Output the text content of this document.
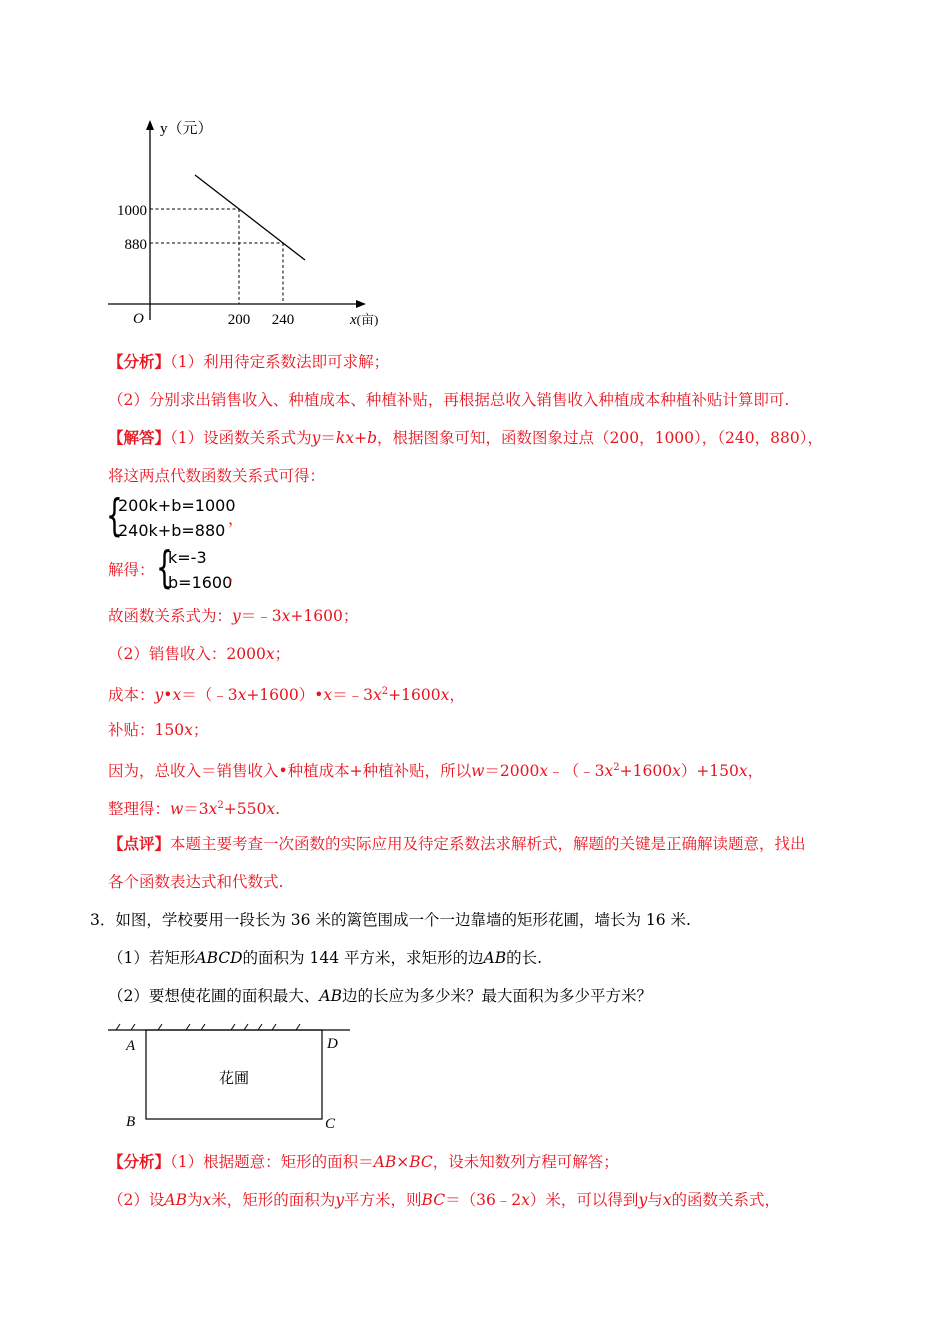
y（元）
1000
880
O	200 240	x(亩)
【分析】（1）利用待定系数法即可求解；
（2）分别求出销售收入、种植成本、种植补贴，再根据总收入销售收入种植成本种植补贴计算即可.
【解答】（1）设函数关系式为y＝kx+b，根据图象可知，函数图象过点（200，1000），（240，880），
将这两点代数函数关系式可得：
{
200k+b=1000
240k+b=880
，
解得： {
k=-3
b=1600
，
故函数关系式为：y＝﹣3x+1600；
（2）销售收入：2000x；
成本：$y•x=(﹣3x+1600)•x=﹣3x^2+1600x$，
补贴：150x；
因为，总收入＝销售收入•种植成本+种植补贴，所以$w=2000x﹣(﹣3x^2+1600x)+150x$，
整理得：$w=3x^2+550x$.
【点评】本题主要考查一次函数的实际应用及待定系数法求解析式，解题的关键是正确解读题意，找出
各个函数表达式和代数式.
3．如图，学校要用一段长为 36 米的篱笆围成一个一边靠墙的矩形花圃，墙长为 16 米.
（1）若矩形ABCD的面积为 144 平方米，求矩形的边AB的长.
（2）要想使花圃的面积最大、AB边的长应为多少米？最大面积为多少平方米？
A	D
B	C
花圃
【分析】（1）根据题意：矩形的面积＝AB×BC，设未知数列方程可解答；
（2）设AB为x米，矩形的面积为y平方米，则BC＝（36﹣2x）米，可以得到y与x的函数关系式，
